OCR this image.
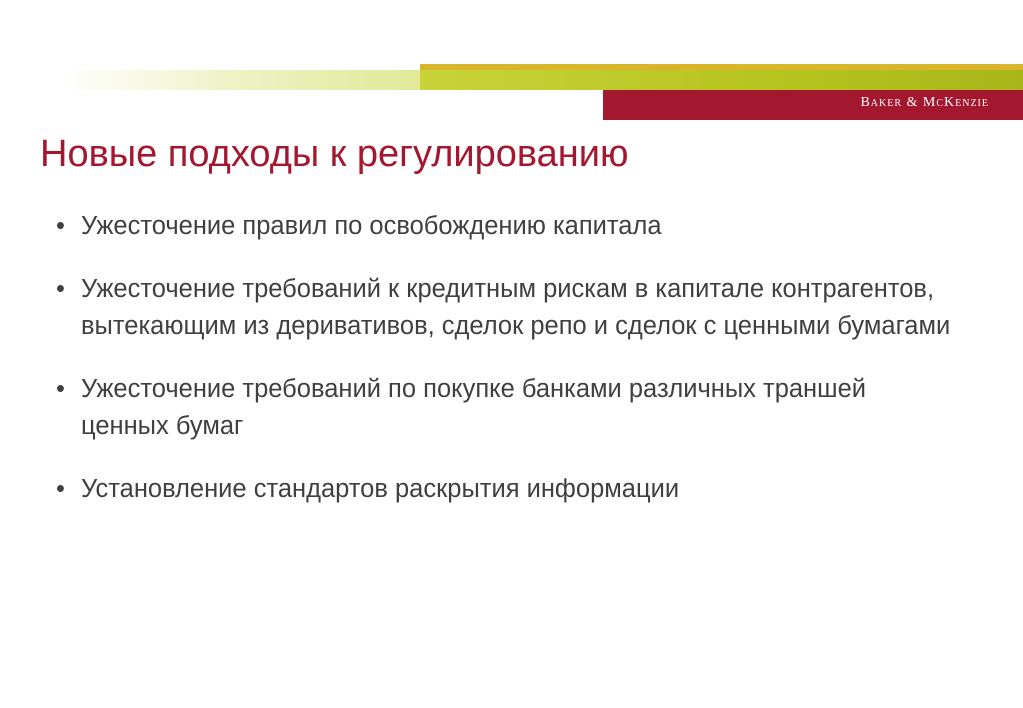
Baker & McKenzie
Новые подходы к регулированию
• Ужесточение правил по освобождению капитала
• Ужесточение требований к кредитным рискам в капитале контрагентов, вытекающим из деривативов, сделок репо и сделок с ценными бумагами
• Ужесточение требований по покупке банками различных траншей ценных бумаг
• Установление стандартов раскрытия информации
